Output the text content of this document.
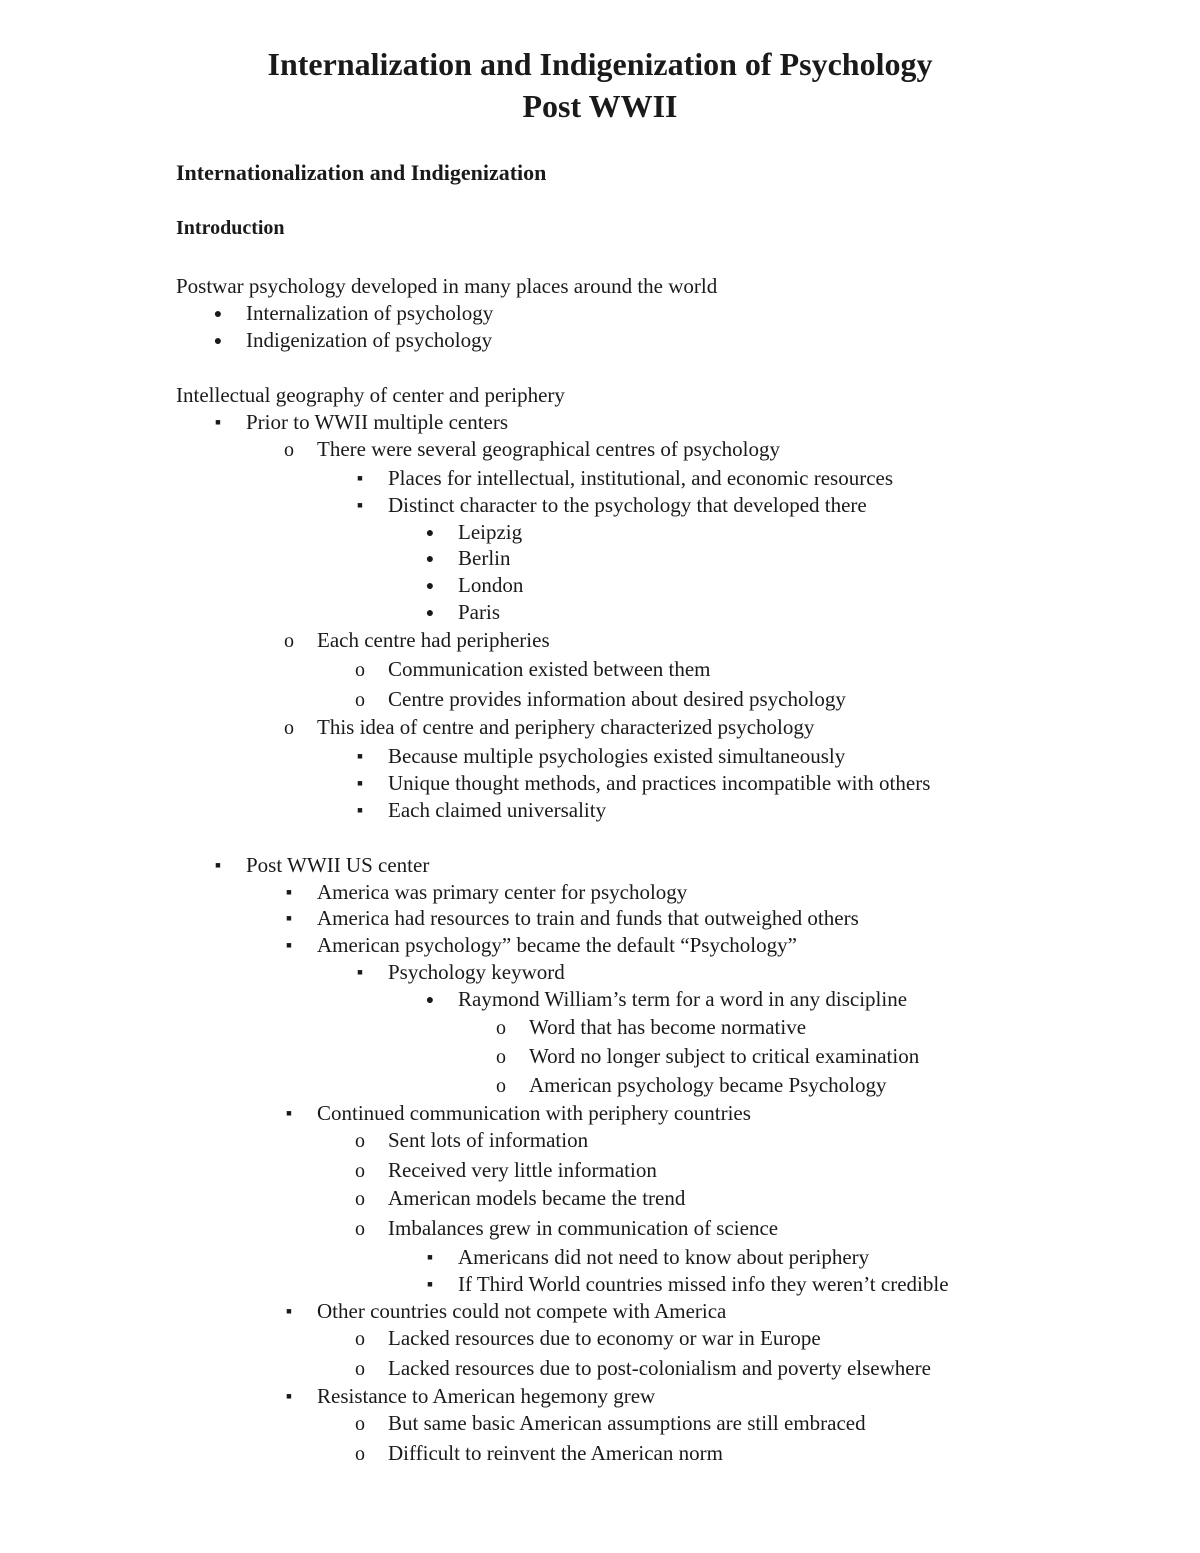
Internalization and Indigenization of Psychology
Post WWII
Internationalization and Indigenization
Introduction
Postwar psychology developed in many places around the world
●
Internalization of psychology
●
Indigenization of psychology
Intellectual geography of center and periphery
▪
Prior to WWII multiple centers
o
There were several geographical centres of psychology
▪
Places for intellectual, institutional, and economic resources
▪
Distinct character to the psychology that developed there
●
Leipzig
●
Berlin
●
London
●
Paris
o
Each centre had peripheries
o
Communication existed between them
o
Centre provides information about desired psychology
o
This idea of centre and periphery characterized psychology
▪
Because multiple psychologies existed simultaneously
▪
Unique thought methods, and practices incompatible with others
▪
Each claimed universality
▪
Post WWII US center
▪
America was primary center for psychology
▪
America had resources to train and funds that outweighed others
▪
American psychology” became the default “Psychology”
▪
Psychology keyword
●
Raymond William’s term for a word in any discipline
o
Word that has become normative
o
Word no longer subject to critical examination
o
American psychology became Psychology
▪
Continued communication with periphery countries
o
Sent lots of information
o
Received very little information
o
American models became the trend
o
Imbalances grew in communication of science
▪
Americans did not need to know about periphery
▪
If Third World countries missed info they weren’t credible
▪
Other countries could not compete with America
o
Lacked resources due to economy or war in Europe
o
Lacked resources due to post-colonialism and poverty elsewhere
▪
Resistance to American hegemony grew
o
But same basic American assumptions are still embraced
o
Difficult to reinvent the American norm
